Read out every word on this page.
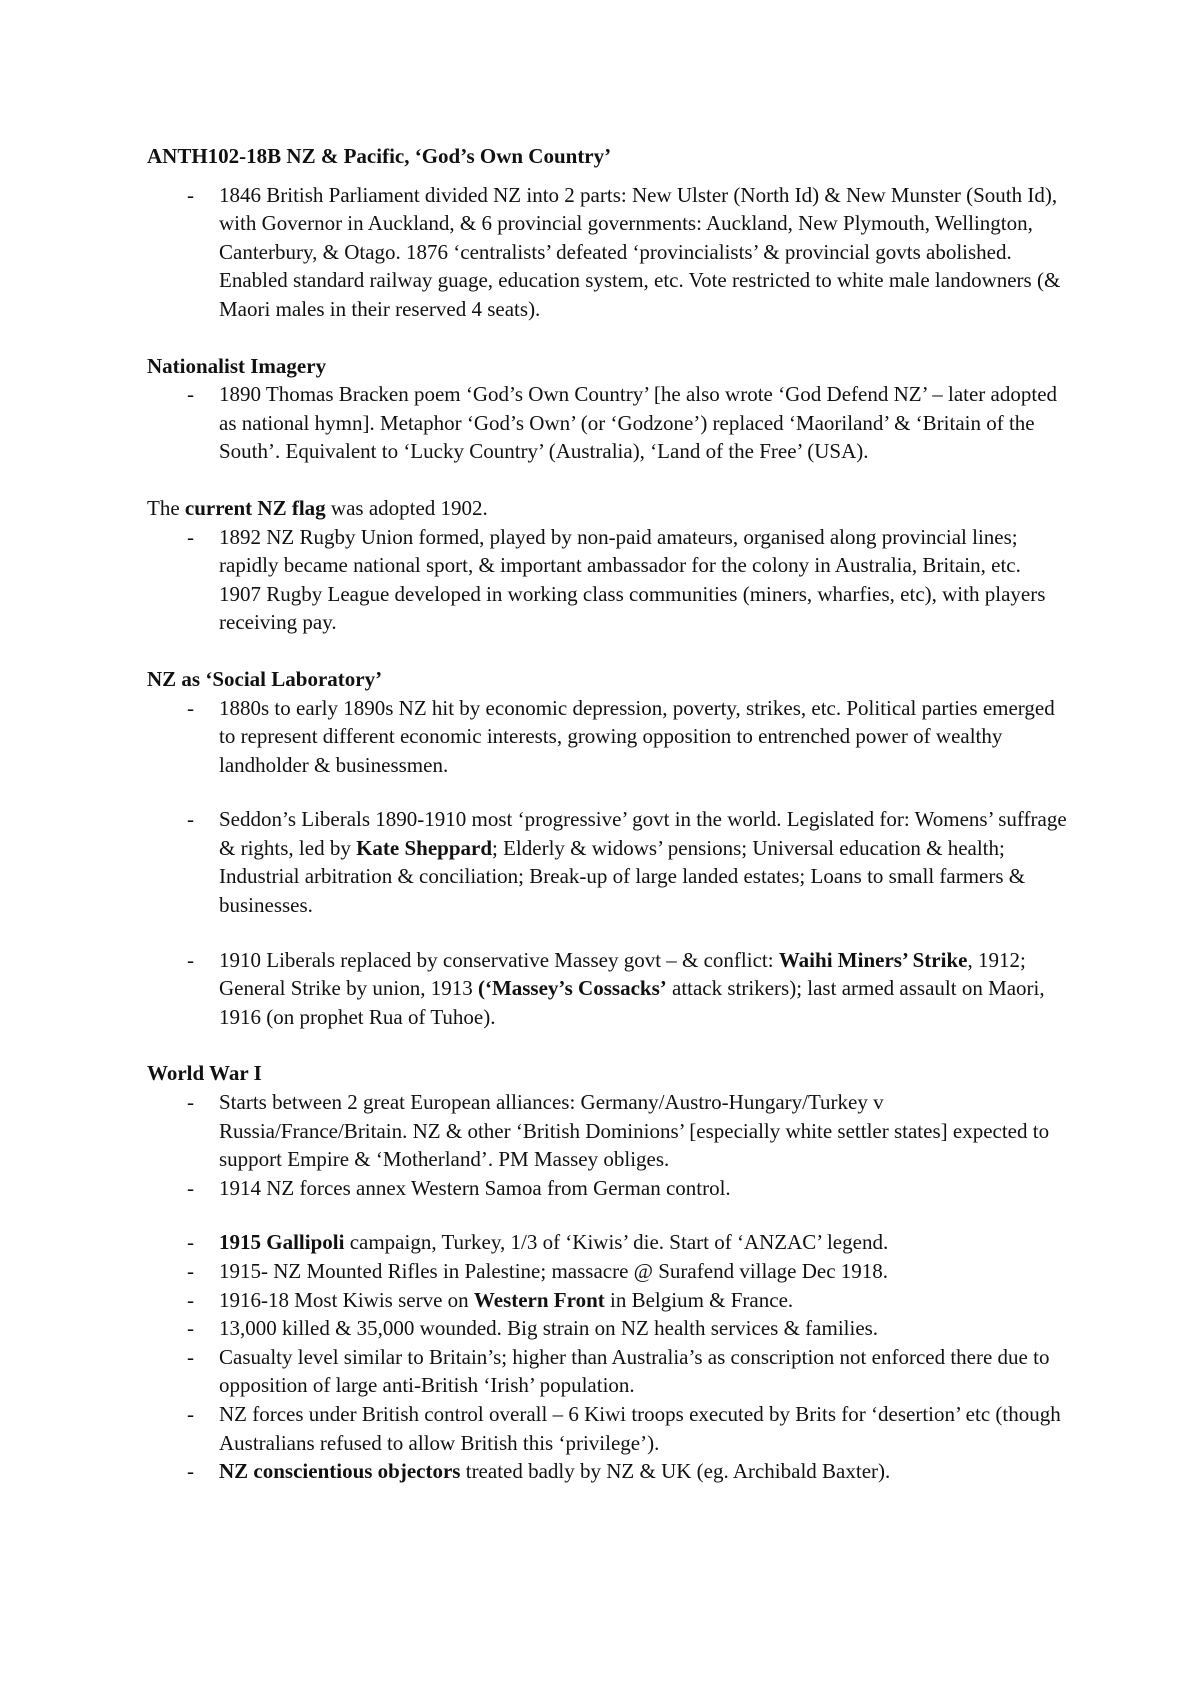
ANTH102-18B NZ & Pacific, ‘God’s Own Country’

- 1846 British Parliament divided NZ into 2 parts: New Ulster (North Id) & New Munster (South Id), with Governor in Auckland, & 6 provincial governments: Auckland, New Plymouth, Wellington, Canterbury, & Otago. 1876 ‘centralists’ defeated ‘provincialists’ & provincial govts abolished. Enabled standard railway guage, education system, etc. Vote restricted to white male landowners (& Maori males in their reserved 4 seats).

Nationalist Imagery

- 1890 Thomas Bracken poem ‘God’s Own Country’ [he also wrote ‘God Defend NZ’ – later adopted as national hymn]. Metaphor ‘God’s Own’ (or ‘Godzone’) replaced ‘Maoriland’ & ‘Britain of the South’. Equivalent to ‘Lucky Country’ (Australia), ‘Land of the Free’ (USA).

The current NZ flag was adopted 1902.

- 1892 NZ Rugby Union formed, played by non-paid amateurs, organised along provincial lines; rapidly became national sport, & important ambassador for the colony in Australia, Britain, etc. 1907 Rugby League developed in working class communities (miners, wharfies, etc), with players receiving pay.

NZ as ‘Social Laboratory’

- 1880s to early 1890s NZ hit by economic depression, poverty, strikes, etc. Political parties emerged to represent different economic interests, growing opposition to entrenched power of wealthy landholder & businessmen.
- Seddon’s Liberals 1890-1910 most ‘progressive’ govt in the world. Legislated for: Womens’ suffrage & rights, led by Kate Sheppard; Elderly & widows’ pensions; Universal education & health; Industrial arbitration & conciliation; Break-up of large landed estates; Loans to small farmers & businesses.
- 1910 Liberals replaced by conservative Massey govt – & conflict: Waihi Miners’ Strike, 1912; General Strike by union, 1913 (‘Massey’s Cossacks’ attack strikers); last armed assault on Maori, 1916 (on prophet Rua of Tuhoe).

World War I

- Starts between 2 great European alliances: Germany/Austro-Hungary/Turkey v Russia/France/Britain. NZ & other ‘British Dominions’ [especially white settler states] expected to support Empire & ‘Motherland’. PM Massey obliges.
- 1914 NZ forces annex Western Samoa from German control.
- 1915 Gallipoli campaign, Turkey, 1/3 of ‘Kiwis’ die. Start of ‘ANZAC’ legend.
- 1915- NZ Mounted Rifles in Palestine; massacre @ Surafend village Dec 1918.
- 1916-18 Most Kiwis serve on Western Front in Belgium & France.
- 13,000 killed & 35,000 wounded. Big strain on NZ health services & families.
- Casualty level similar to Britain’s; higher than Australia’s as conscription not enforced there due to opposition of large anti-British ‘Irish’ population.
- NZ forces under British control overall – 6 Kiwi troops executed by Brits for ‘desertion’ etc (though Australians refused to allow British this ‘privilege’).
- NZ conscientious objectors treated badly by NZ & UK (eg. Archibald Baxter).
